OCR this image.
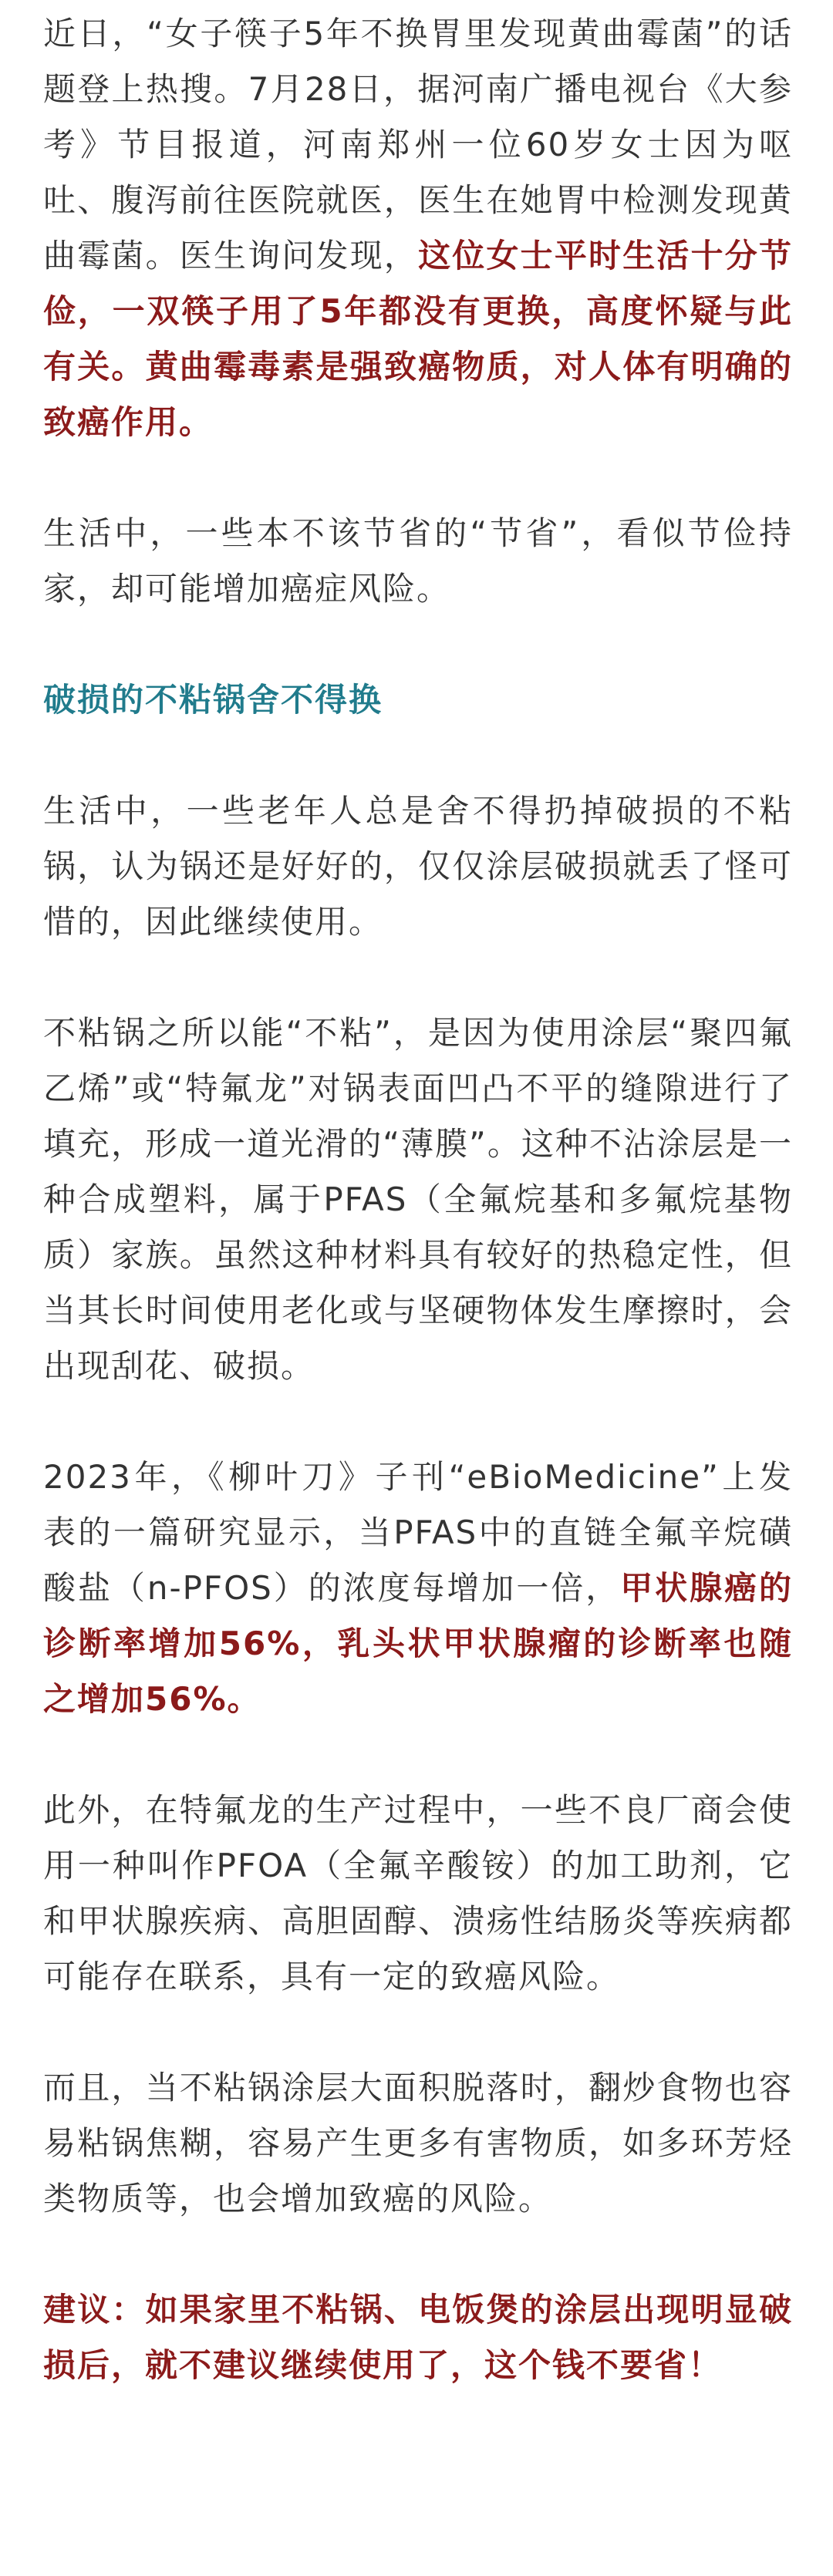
近日，“女子筷子5年不换胃里发现黄曲霉菌”的话题登上热搜。7月28日，据河南广播电视台《大参考》节目报道，河南郑州一位60岁女士因为呕吐、腹泻前往医院就医，医生在她胃中检测发现黄曲霉菌。医生询问发现，这位女士平时生活十分节俭，一双筷子用了5年都没有更换，高度怀疑与此有关。黄曲霉毒素是强致癌物质，对人体有明确的致癌作用。

生活中，一些本不该节省的“节省”，看似节俭持家，却可能增加癌症风险。

破损的不粘锅舍不得换

生活中，一些老年人总是舍不得扔掉破损的不粘锅，认为锅还是好好的，仅仅涂层破损就丢了怪可惜的，因此继续使用。

不粘锅之所以能“不粘”，是因为使用涂层“聚四氟乙烯”或“特氟龙”对锅表面凹凸不平的缝隙进行了填充，形成一道光滑的“薄膜”。这种不沾涂层是一种合成塑料，属于PFAS（全氟烷基和多氟烷基物质）家族。虽然这种材料具有较好的热稳定性，但当其长时间使用老化或与坚硬物体发生摩擦时，会出现刮花、破损。

2023年，《柳叶刀》子刊“eBioMedicine”上发表的一篇研究显示，当PFAS中的直链全氟辛烷磺酸盐（n-PFOS）的浓度每增加一倍，甲状腺癌的诊断率增加56%，乳头状甲状腺瘤的诊断率也随之增加56%。

此外，在特氟龙的生产过程中，一些不良厂商会使用一种叫作PFOA（全氟辛酸铵）的加工助剂，它和甲状腺疾病、高胆固醇、溃疡性结肠炎等疾病都可能存在联系，具有一定的致癌风险。

而且，当不粘锅涂层大面积脱落时，翻炒食物也容易粘锅焦糊，容易产生更多有害物质，如多环芳烃类物质等，也会增加致癌的风险。

建议：如果家里不粘锅、电饭煲的涂层出现明显破损后，就不建议继续使用了，这个钱不要省！
